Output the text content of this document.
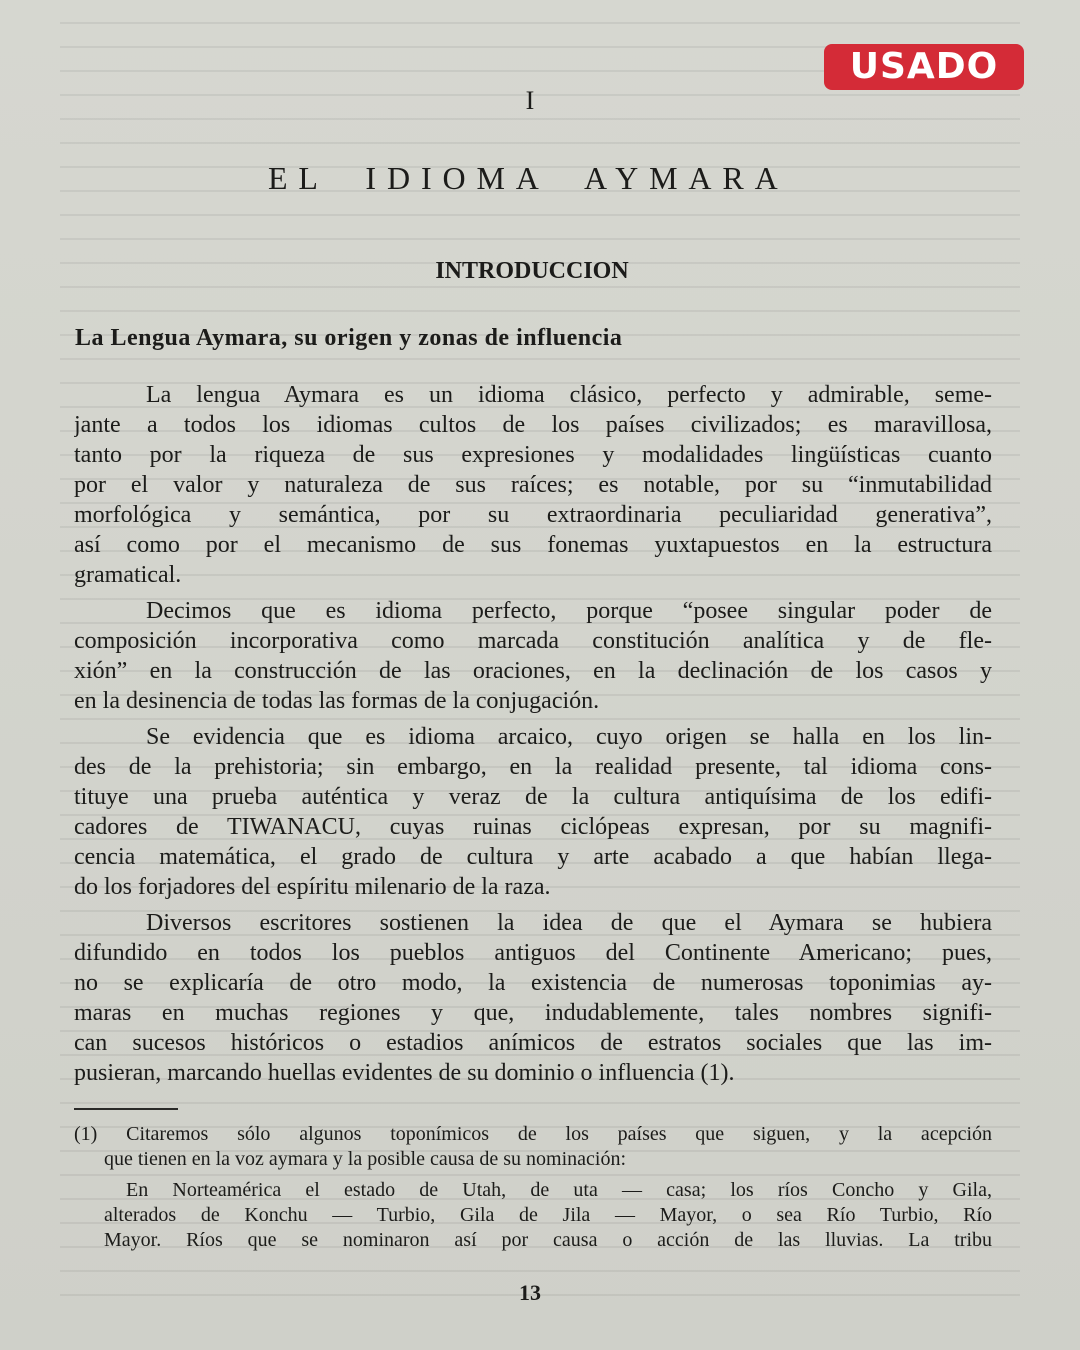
USADO
I
EL  IDIOMA  AYMARA
INTRODUCCION
La Lengua Aymara, su origen y zonas de influencia
La lengua Aymara es un idioma clásico, perfecto y admirable, seme-
jante a todos los idiomas cultos de los países civilizados; es maravillosa,
tanto por la riqueza de sus expresiones y modalidades lingüísticas cuanto
por el valor y naturaleza de sus raíces; es notable, por su “inmutabilidad
morfológica y semántica, por su extraordinaria peculiaridad generativa”,
así como por el mecanismo de sus fonemas yuxtapuestos en la estructura
gramatical.
Decimos que es idioma perfecto, porque “posee singular poder de
composición incorporativa como marcada constitución analítica y de fle-
xión” en la construcción de las oraciones, en la declinación de los casos y
en la desinencia de todas las formas de la conjugación.
Se evidencia que es idioma arcaico, cuyo origen se halla en los lin-
des de la prehistoria; sin embargo, en la realidad presente, tal idioma cons-
tituye una prueba auténtica y veraz de la cultura antiquísima de los edifi-
cadores de TIWANACU, cuyas ruinas ciclópeas expresan, por su magnifi-
cencia matemática, el grado de cultura y arte acabado a que habían llega-
do los forjadores del espíritu milenario de la raza.
Diversos escritores sostienen la idea de que el Aymara se hubiera
difundido en todos los pueblos antiguos del Continente Americano; pues,
no se explicaría de otro modo, la existencia de numerosas toponimias ay-
maras en muchas regiones y que, indudablemente, tales nombres signifi-
can sucesos históricos o estadios anímicos de estratos sociales que las im-
pusieran, marcando huellas evidentes de su dominio o influencia (1).
(1) Citaremos sólo algunos toponímicos de los países que siguen, y la acepción
que tienen en la voz aymara y la posible causa de su nominación:
En Norteamérica el estado de Utah, de uta — casa; los ríos Concho y Gila,
alterados de Konchu — Turbio, Gila de Jila — Mayor, o sea Río Turbio, Río
Mayor. Ríos que se nominaron así por causa o acción de las lluvias. La tribu
13
